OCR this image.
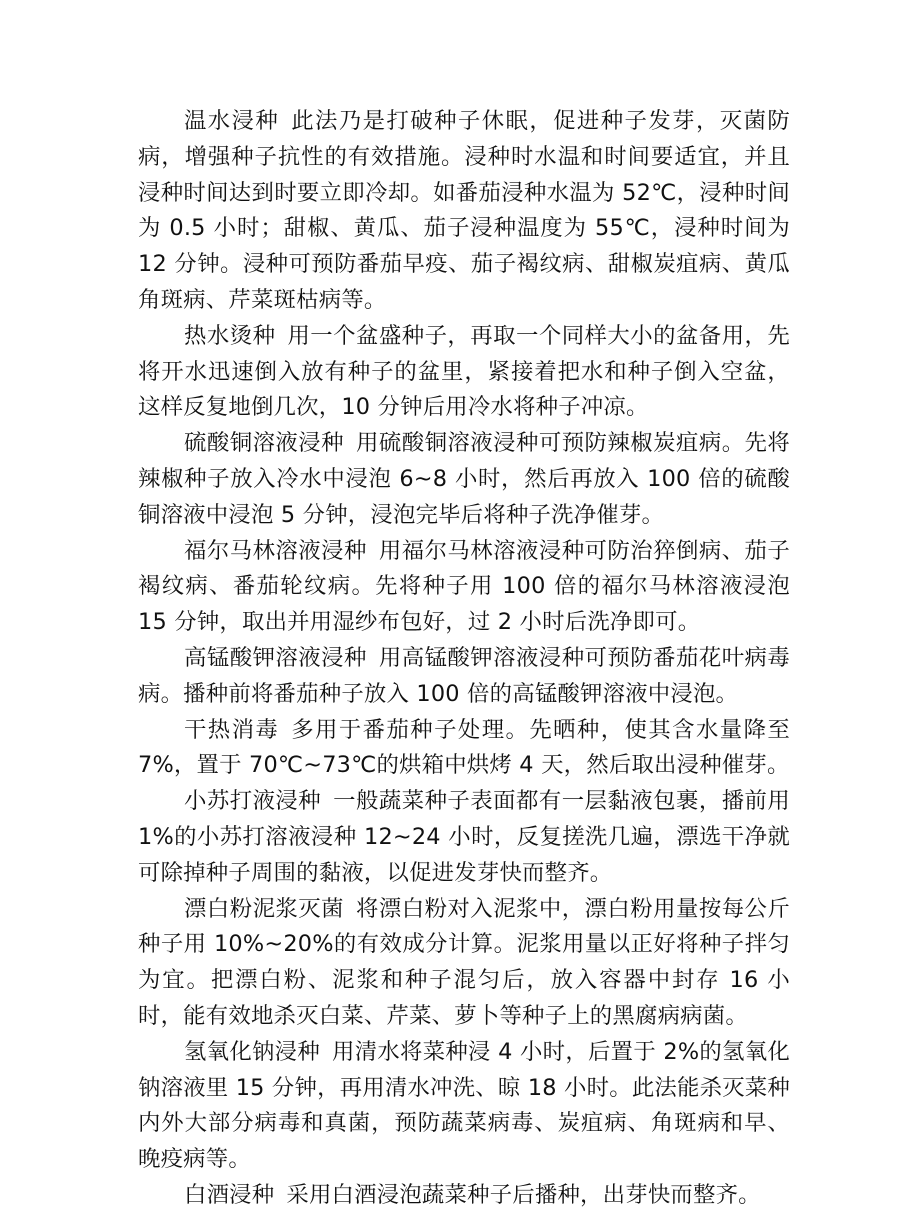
温水浸种 此法乃是打破种子休眠，促进种子发芽，灭菌防病，增强种子抗性的有效措施。浸种时水温和时间要适宜，并且浸种时间达到时要立即冷却。如番茄浸种水温为 52℃，浸种时间为 0.5 小时；甜椒、黄瓜、茄子浸种温度为 55℃，浸种时间为 12 分钟。浸种可预防番茄早疫、茄子褐纹病、甜椒炭疽病、黄瓜角斑病、芹菜斑枯病等。

热水烫种 用一个盆盛种子，再取一个同样大小的盆备用，先将开水迅速倒入放有种子的盆里，紧接着把水和种子倒入空盆，这样反复地倒几次，10 分钟后用冷水将种子冲凉。

硫酸铜溶液浸种 用硫酸铜溶液浸种可预防辣椒炭疽病。先将辣椒种子放入冷水中浸泡 6~8 小时，然后再放入 100 倍的硫酸铜溶液中浸泡 5 分钟，浸泡完毕后将种子洗净催芽。

福尔马林溶液浸种 用福尔马林溶液浸种可防治猝倒病、茄子褐纹病、番茄轮纹病。先将种子用 100 倍的福尔马林溶液浸泡 15 分钟，取出并用湿纱布包好，过 2 小时后洗净即可。

高锰酸钾溶液浸种 用高锰酸钾溶液浸种可预防番茄花叶病毒病。播种前将番茄种子放入 100 倍的高锰酸钾溶液中浸泡。

干热消毒 多用于番茄种子处理。先晒种，使其含水量降至 7%，置于 70℃~73℃的烘箱中烘烤 4 天，然后取出浸种催芽。

小苏打液浸种 一般蔬菜种子表面都有一层黏液包裹，播前用 1%的小苏打溶液浸种 12~24 小时，反复搓洗几遍，漂选干净就可除掉种子周围的黏液，以促进发芽快而整齐。

漂白粉泥浆灭菌 将漂白粉对入泥浆中，漂白粉用量按每公斤种子用 10%~20%的有效成分计算。泥浆用量以正好将种子拌匀为宜。把漂白粉、泥浆和种子混匀后，放入容器中封存 16 小时，能有效地杀灭白菜、芹菜、萝卜等种子上的黑腐病病菌。

氢氧化钠浸种 用清水将菜种浸 4 小时，后置于 2%的氢氧化钠溶液里 15 分钟，再用清水冲洗、晾 18 小时。此法能杀灭菜种内外大部分病毒和真菌，预防蔬菜病毒、炭疽病、角斑病和早、晚疫病等。

白酒浸种 采用白酒浸泡蔬菜种子后播种，出芽快而整齐。
